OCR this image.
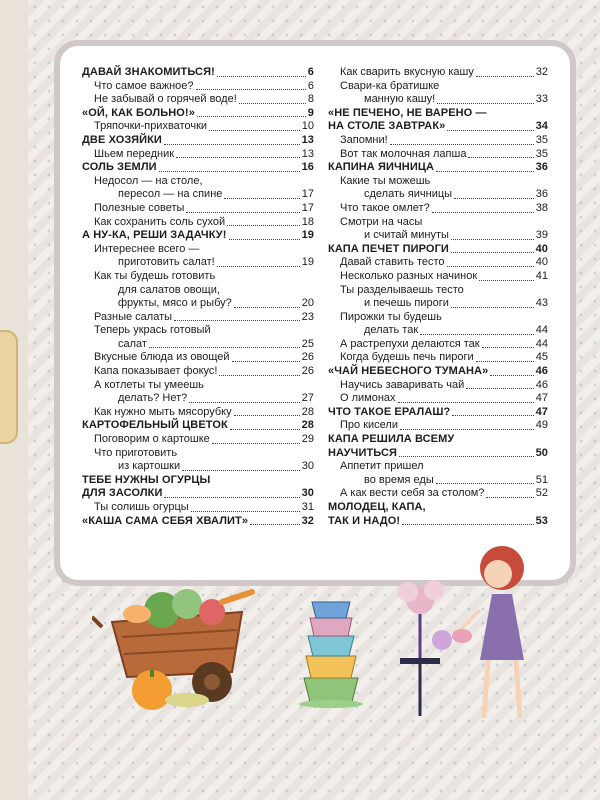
ДАВАЙ ЗНАКОМИТЬСЯ!	6
Что самое важное?	6
Не забывай о горячей воде!	8
«ОЙ, КАК БОЛЬНО!»	9
Тряпочки-прихваточки	10
ДВЕ ХОЗЯЙКИ	13
Шьем передник	13
СОЛЬ ЗЕМЛИ	16
Недосол — на столе,
пересол — на спине	17
Полезные советы	17
Как сохранить соль сухой	18
А НУ-КА, РЕШИ ЗАДАЧКУ!	19
Интереснее всего —
приготовить салат!	19
Как ты будешь готовить
для салатов овощи,
фрукты, мясо и рыбу?	20
Разные салаты	23
Теперь укрась готовый
салат	25
Вкусные блюда из овощей	26
Капа показывает фокус!	26
А котлеты ты умеешь
делать? Нет?	27
Как нужно мыть мясорубку	28
КАРТОФЕЛЬНЫЙ ЦВЕТОК	28
Поговорим о картошке	29
Что приготовить
из картошки	30
ТЕБЕ НУЖНЫ ОГУРЦЫ
ДЛЯ ЗАСОЛКИ	30
Ты солишь огурцы	31
«КАША САМА СЕБЯ ХВАЛИТ»	32
Как сварить вкусную кашу	32
Свари-ка братишке
манную кашу!	33
«НЕ ПЕЧЕНО, НЕ ВАРЕНО —
НА СТОЛЕ ЗАВТРАК»	34
Запомни!	35
Вот так молочная лапша	35
КАПИНА ЯИЧНИЦА	36
Какие ты можешь
сделать яичницы	36
Что такое омлет?	38
Смотри на часы
и считай минуты	39
КАПА ПЕЧЕТ ПИРОГИ	40
Давай ставить тесто	40
Несколько разных начинок	41
Ты разделываешь тесто
и печешь пироги	43
Пирожки ты будешь
делать так	44
А растрепухи делаются так	44
Когда будешь печь пироги	45
«ЧАЙ НЕБЕСНОГО ТУМАНА»	46
Научись заваривать чай	46
О лимонах	47
ЧТО ТАКОЕ ЕРАЛАШ?	47
Про кисели	49
КАПА РЕШИЛА ВСЕМУ
НАУЧИТЬСЯ	50
Аппетит пришел
во время еды	51
А как вести себя за столом?	52
МОЛОДЕЦ, КАПА,
ТАК И НАДО!	53
